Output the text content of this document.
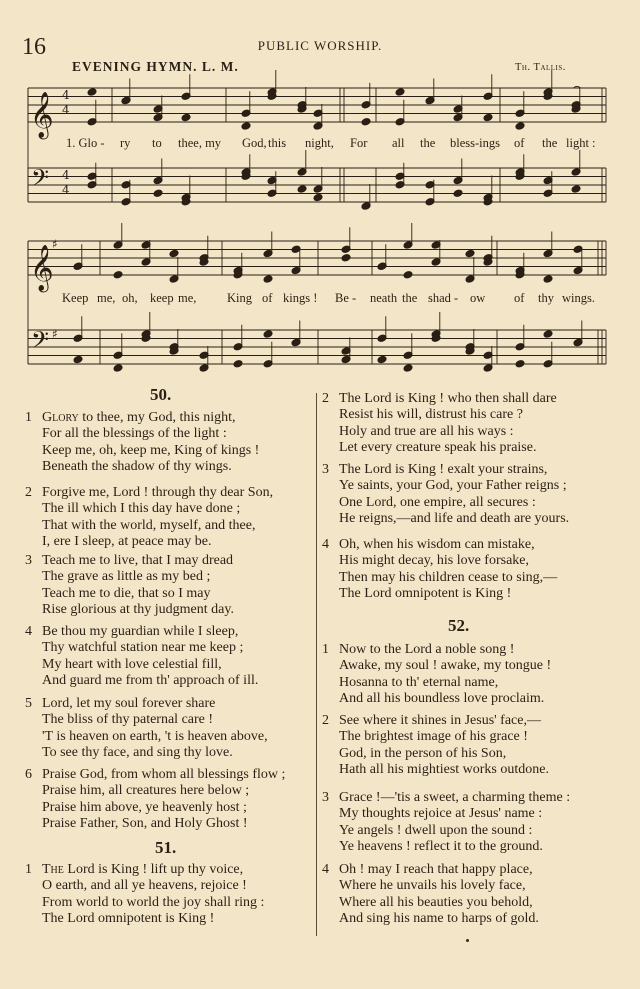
16	PUBLIC WORSHIP.
EVENING HYMN. L. M.	Th. Tallis.
𝄞
𝄢
𝄞
𝄢
4
4
4
4
♯
♯
⌢
50.
1 Glory to thee, my God, this night,
For all the blessings of the light :
Keep me, oh, keep me, King of kings !
Beneath the shadow of thy wings.
51.
1 The Lord is King ! lift up thy voice,
O earth, and all ye heavens, rejoice !
From world to world the joy shall ring :
The Lord omnipotent is King !
52.
2 Forgive me, Lord ! through thy dear Son,
The ill which I this day have done ;
That with the world, myself, and thee,
I, ere I sleep, at peace may be.
3 Teach me to live, that I may dread
The grave as little as my bed ;
Teach me to die, that so I may
Rise glorious at thy judgment day.
4 Be thou my guardian while I sleep,
Thy watchful station near me keep ;
My heart with love celestial fill,
And guard me from th' approach of ill.
5 Lord, let my soul forever share
The bliss of thy paternal care !
'T is heaven on earth, 't is heaven above,
To see thy face, and sing thy love.
6 Praise God, from whom all blessings flow ;
Praise him, all creatures here below ;
Praise him above, ye heavenly host ;
Praise Father, Son, and Holy Ghost !
2 The Lord is King ! who then shall dare
Resist his will, distrust his care ?
Holy and true are all his ways :
Let every creature speak his praise.
3 The Lord is King ! exalt your strains,
Ye saints, your God, your Father reigns ;
One Lord, one empire, all secures :
He reigns,—and life and death are yours.
4 Oh, when his wisdom can mistake,
His might decay, his love forsake,
Then may his children cease to sing,—
The Lord omnipotent is King !
1 Now to the Lord a noble song !
Awake, my soul ! awake, my tongue !
Hosanna to th' eternal name,
And all his boundless love proclaim.
2 See where it shines in Jesus' face,—
The brightest image of his grace !
God, in the person of his Son,
Hath all his mightiest works outdone.
3 Grace !—'tis a sweet, a charming theme :
My thoughts rejoice at Jesus' name :
Ye angels ! dwell upon the sound :
Ye heavens ! reflect it to the ground.
4 Oh ! may I reach that happy place,
Where he unvails his lovely face,
Where all his beauties you behold,
And sing his name to harps of gold.
1. Glo - ry to thee, my God, this night, For all the bless-ings of the light :
Keep me, oh, keep me, King of kings ! Be - neath the shad - ow of thy wings.
